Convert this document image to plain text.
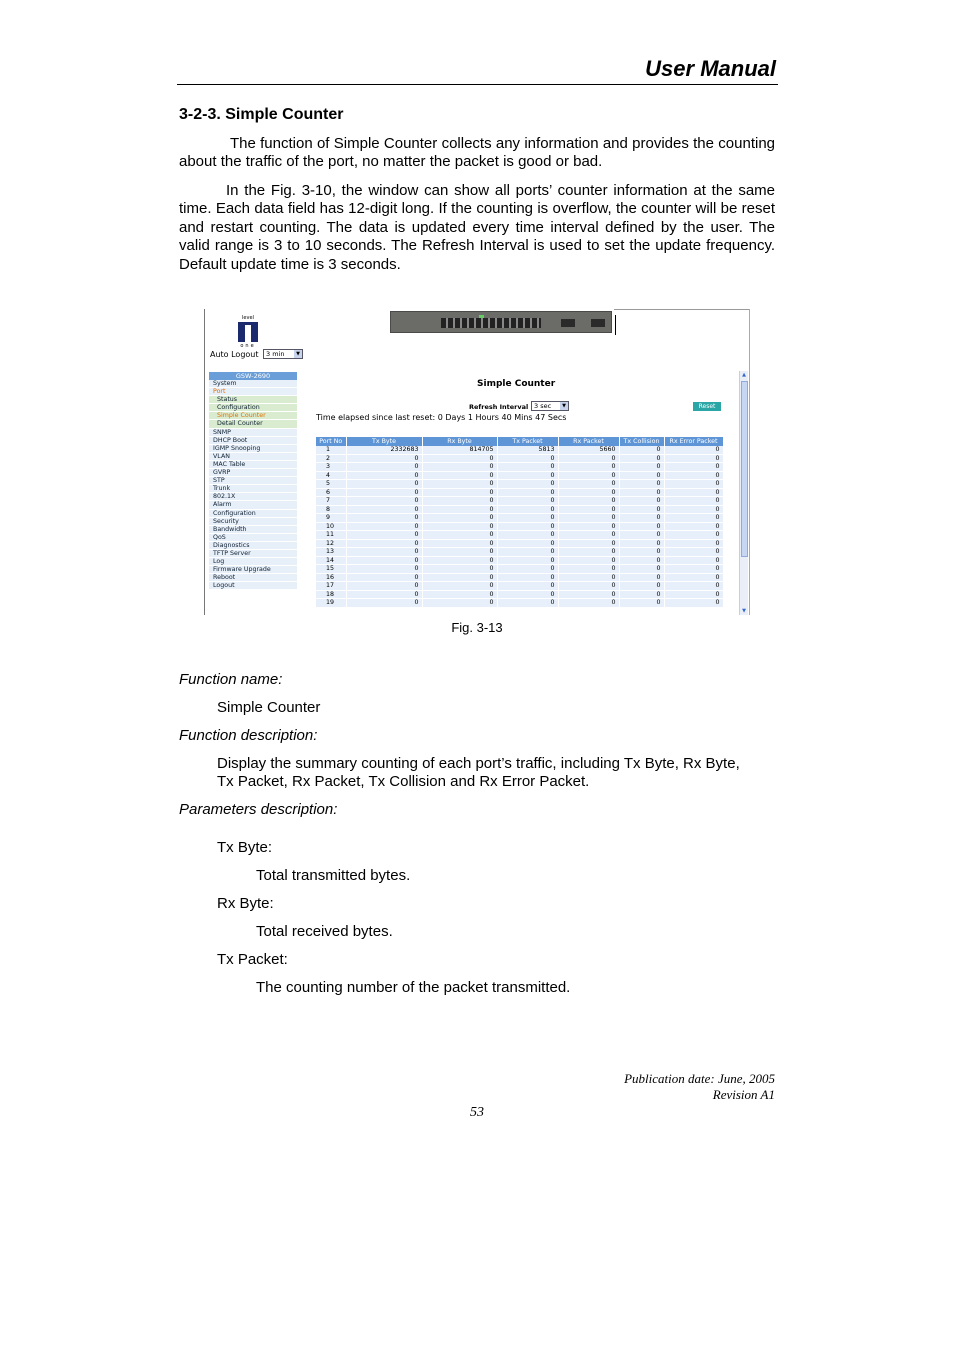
User Manual
3-2-3. Simple Counter
The function of Simple Counter collects any information and provides the counting about the traffic of the port, no matter the packet is good or bad.
In the Fig. 3-10, the window can show all ports’ counter information at the same time. Each data field has 12-digit long. If the counting is overflow, the counter will be reset and restart counting. The data is updated every time interval defined by the user. The valid range is 3 to 10 seconds. The Refresh Interval is used to set the update frequency. Default update time is 3 seconds.
level
one
Auto Logout	3 min	▼
GSW-2690
System
Port
Status
Configuration
Simple Counter
Detail Counter
SNMP
DHCP Boot
IGMP Snooping
VLAN
MAC Table
GVRP
STP
Trunk
802.1X
Alarm
Configuration
Security
Bandwidth
QoS
Diagnostics
TFTP Server
Log
Firmware Upgrade
Reboot
Logout
Simple Counter
Refresh Interval 3 sec	▼	Reset
Time elapsed since last reset: 0 Days 1 Hours 40 Mins 47 Secs
Port No	Tx Byte	Rx Byte	Tx Packet	Rx Packet	Tx Collision	Rx Error Packet
1	2332683	814705	5813	5660	0	0
2	0	0	0	0	0	0
3	0	0	0	0	0	0
4	0	0	0	0	0	0
5	0	0	0	0	0	0
6	0	0	0	0	0	0
7	0	0	0	0	0	0
8	0	0	0	0	0	0
9	0	0	0	0	0	0
10	0	0	0	0	0	0
11	0	0	0	0	0	0
12	0	0	0	0	0	0
13	0	0	0	0	0	0
14	0	0	0	0	0	0
15	0	0	0	0	0	0
16	0	0	0	0	0	0
17	0	0	0	0	0	0
18	0	0	0	0	0	0
19	0	0	0	0	0	0
▲
▼
Fig. 3-13
Function name:
Simple Counter
Function description:
Display the summary counting of each port’s traffic, including Tx Byte, Rx Byte,
Tx Packet, Rx Packet, Tx Collision and Rx Error Packet.
Parameters description:
Tx Byte:
Total transmitted bytes.
Rx Byte:
Total received bytes.
Tx Packet:
The counting number of the packet transmitted.
Publication date: June, 2005
Revision A1
53
